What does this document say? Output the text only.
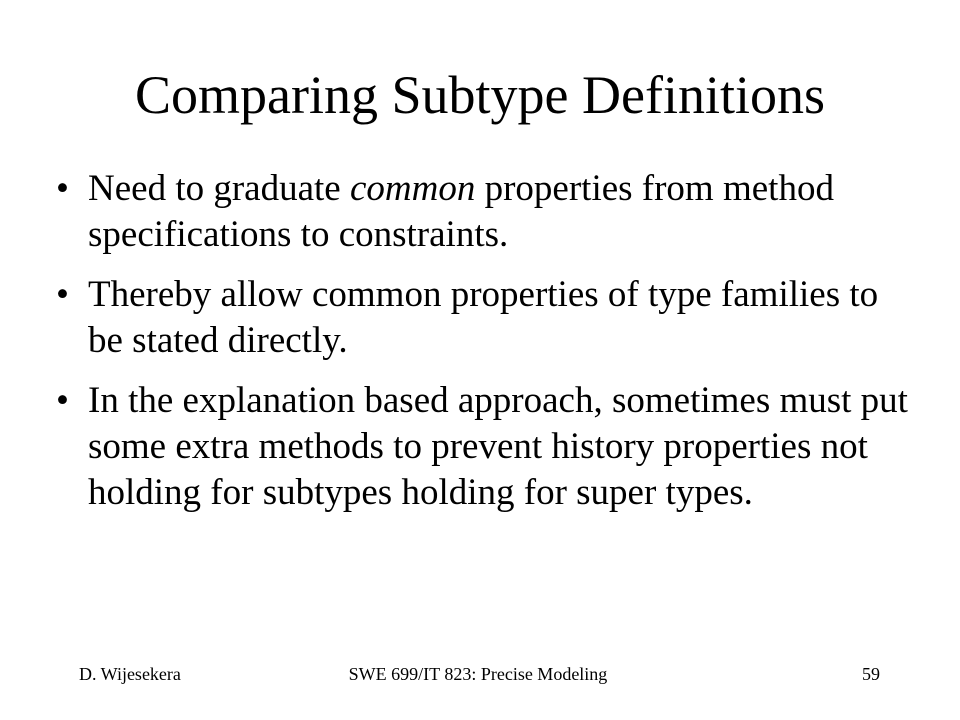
Comparing Subtype Definitions
• Need to graduate common properties from method specifications to constraints.
• Thereby allow common properties of type families to be stated directly.
• In the explanation based approach, sometimes must put some extra methods to prevent history properties not holding for subtypes holding for super types.
D. Wijesekera	SWE 699/IT 823: Precise Modeling	59
